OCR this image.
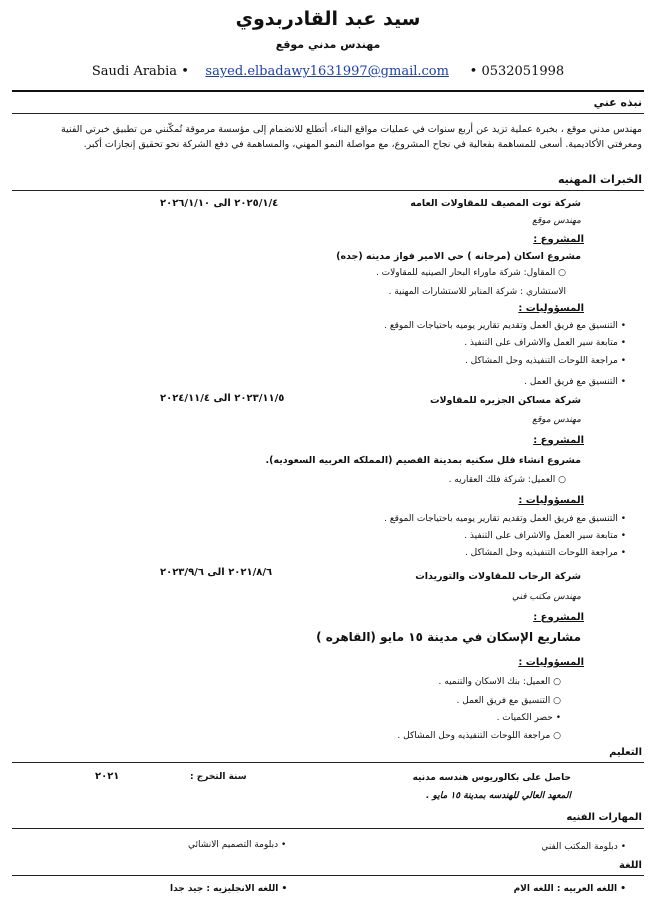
سيد عبد القادربدوي
مهندس مدني موقع
Saudi Arabia •    sayed.elbadawy1631997@gmail.com     • 0532051998
نبذه عني
مهندس مدني موقع ، بخبرة عملية تزيد عن أربع سنوات في عمليات مواقع البناء، أتطلع للانضمام إلى مؤسسة مرموقة تُمكّنني من تطبيق خبرتي الفنية ومعرفتي الأكاديمية. أسعى للمساهمة بفعالية في نجاح المشروع، مع مواصلة النمو المهني، والمساهمة في دفع الشركة نحو تحقيق إنجازات أكبر.
الخبرات المهنيه
شركة توت المصيف للمقاولات العامه
٢٠٢٥/١/٤ الى ٢٠٢٦/١/١٠
مهندس موقع
المشروع :
مشروع اسكان (مرجانه ) حي الامير فواز مدينه (جده)
○ المقاول: شركة ماوراء البحار الصينيه للمقاولات .
الاستشاري : شركة المنابر للاستشارات المهنية .
المسؤوليات :
• التنسيق مع فريق العمل وتقديم تقارير يوميه باحتياجات الموقع .
• متابعة سير العمل والاشراف على التنفيذ .
• مراجعة اللوحات التنفيذيه وحل المشاكل .
• التنسيق مع فريق العمل .
شركة مساكن الجزيره للمقاولات
٢٠٢٣/١١/٥ الى ٢٠٢٤/١١/٤
مهندس موقع
المشروع :
مشروع انشاء فلل سكنيه بمدينة القصيم (المملكه العربيه السعوديه).
○ العميل: شركة فلك العقاريه .
المسؤوليات :
• التنسيق مع فريق العمل وتقديم تقارير يوميه باحتياجات الموقع .
• متابعة سير العمل والاشراف على التنفيذ .
• مراجعة اللوحات التنفيذيه وحل المشاكل .
شركة الرحاب للمقاولات والتوريدات
٢٠٢١/٨/٦ الى ٢٠٢٣/٩/٦
مهندس مكتب فني
المشروع :
مشاريع الإسكان في مدينة ١٥ مايو (القاهره )
المسؤوليات :
○ العميل: بنك الاسكان والتنميه .
○ التنسيق مع فريق العمل .
• حصر الكميات .
○ مراجعة اللوحات التنفيذيه وحل المشاكل .
التعليم
حاصل على بكالوريوس هندسه مدنيه
سنة التخرج :
٢٠٢١
المعهد العالي للهندسه بمدينة ١٥ مايو .
المهارات الفنيه
• دبلومة المكتب الفني
• دبلومة التصميم الانشائي
اللغة
• اللغه العربيه : اللغه الام
• اللغه الانجليزيه : جيد جدا
